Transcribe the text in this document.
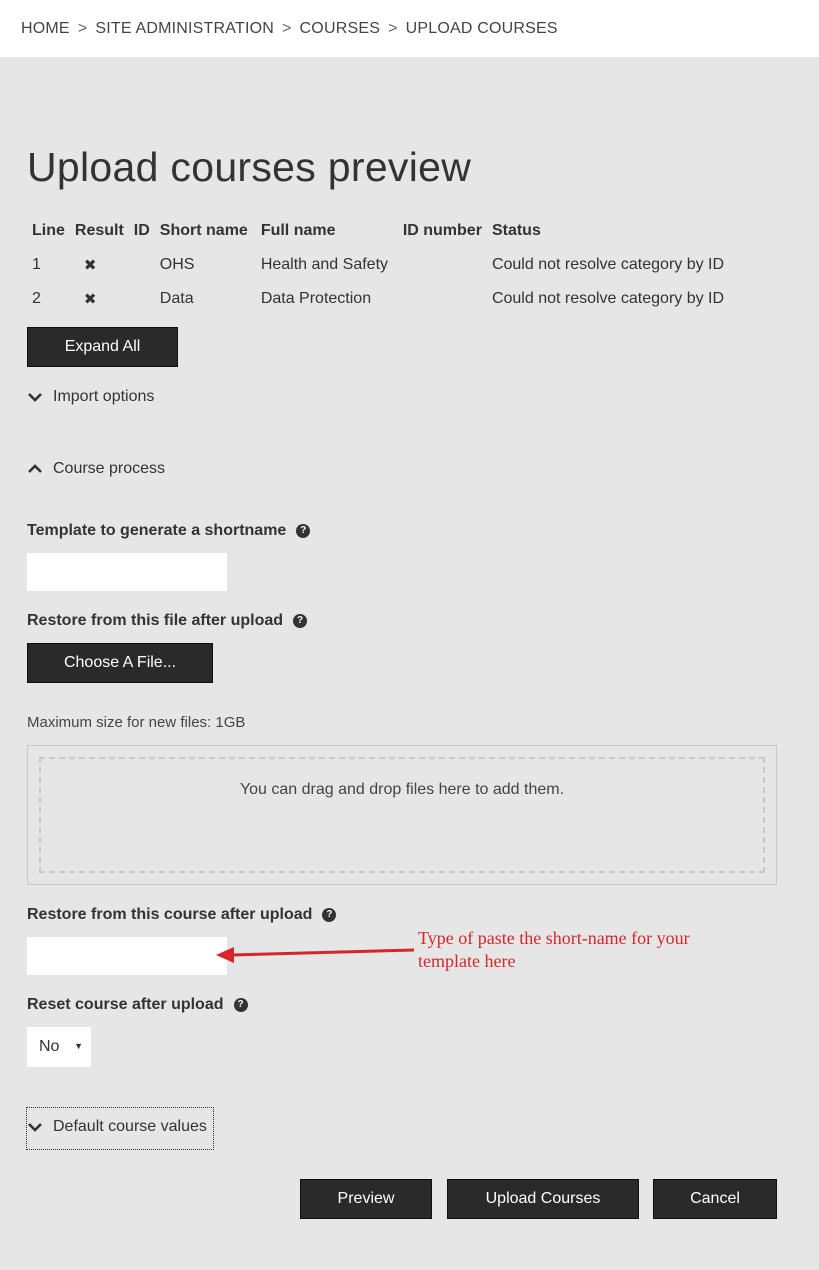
HOME > SITE ADMINISTRATION > COURSES > UPLOAD COURSES
Upload courses preview
Line	Result	ID	Short name	Full name	ID number	Status
1	✖		OHS	Health and Safety		Could not resolve category by ID
2	✖		Data	Data Protection		Could not resolve category by ID
Expand All
Import options
Course process
Template to generate a shortname	?
Restore from this file after upload	?
Choose A File...
Maximum size for new files: 1GB
You can drag and drop files here to add them.
Restore from this course after upload	?
Type of paste the short-name for your template here
Reset course after upload	?
No ▼
Default course values
Preview	Upload Courses	Cancel
